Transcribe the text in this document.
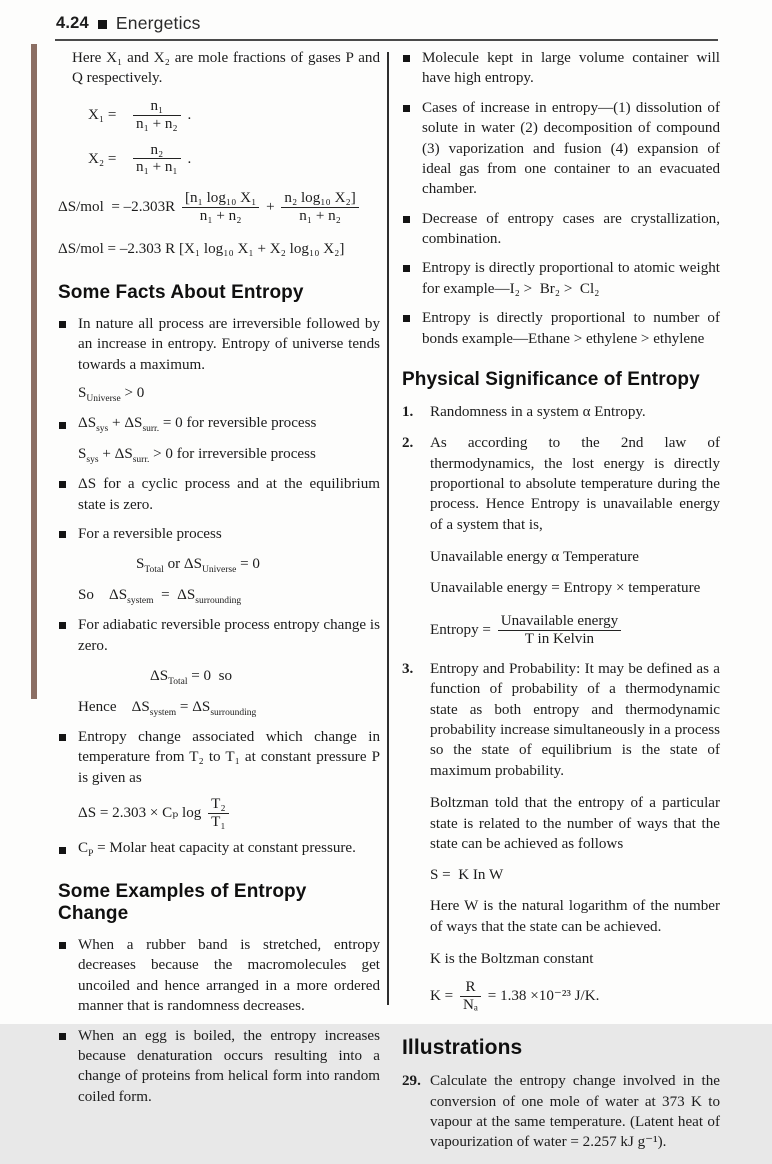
4.24 Energetics

Here X₁ and X₂ are mole fractions of gases P and Q respectively.

$X_1 = \frac{\text{n₁}}{\text{n₁ + n₂}}$ .
$X_2 = \frac{\text{n₂}}{\text{n₁ + n₁}}$ .
$\Delta S/mol = -2.303R \frac{\text{[n₁ log₁₀ X₁}}{\text{n₁ + n₂}} + \frac{\text{n₂ log₁₀ X₂]}}{\text{n₁ + n₂}}$
ΔS/mol = –2.303 R [X₁ log₁₀ X₁ + X₂ log₁₀ X₂]
Some Facts About Entropy

In nature all process are irreversible followed by an increase in entropy. Entropy of universe tends towards a maximum.

$S_{Universe} > 0$
$\Delta S_{sys} + \Delta S_{surr.} = 0$ for reversible process
$S_{sys} + \Delta S_{surr.} > 0$ for irreversible process

ΔS for a cyclic process and at the equilibrium state is zero.

For a reversible process

$S_{Total}$ or $\Delta S_{Universe} = 0$
So    $\Delta S_{system} = \Delta S_{surrounding}$

For adiabatic reversible process entropy change is zero.

$\Delta S_{Total} = 0$  so
Hence    $\Delta S_{system} = \Delta S_{surrounding}$

Entropy change associated which change in temperature from T₂ to T₁ at constant pressure P is given as

ΔS = 2.303 × Cₚ $\log \frac{\text{T₂}}{\text{T₁}}$
$C_P$ = Molar heat capacity at constant pressure.
Some Examples of Entropy Change

When a rubber band is stretched, entropy decreases because the macromolecules get uncoiled and hence arranged in a more ordered manner that is randomness decreases.

When an egg is boiled, the entropy increases because denaturation occurs resulting into a change of proteins from helical form into random coiled form.

Molecule kept in large volume container will have high entropy.

Cases of increase in entropy—(1) dissolution of solute in water (2) decomposition of compound (3) vaporization and fusion (4) expansion of ideal gas from one container to an evacuated chamber.

Decrease of entropy cases are crystallization, combination.

Entropy is directly proportional to atomic weight for example—I₂ >  Br₂ >  Cl₂

Entropy is directly proportional to number of bonds example—Ethane > ethylene > ethylene

Physical Significance of Entropy
1.	Randomness in a system α Entropy.

2.	As according to the 2nd law of thermodynamics, the lost energy is directly proportional to absolute temperature during the process. Hence Entropy is unavailable energy of a system that is,

Unavailable energy α Temperature
Unavailable energy = Entropy × temperature
Entropy = $\frac{\text{Unavailable energy}}{\text{T in Kelvin}}$
3.	Entropy and Probability: It may be defined as a function of probability of a thermodynamic state as both entropy and thermodynamic probability increase simultaneously in a process so the state of equilibrium is the state of maximum probability.

Boltzman told that the entropy of a particular state is related to the number of ways that the state can be achieved as follows

S =  K In W

Here W is the natural logarithm of the number of ways that the state can be achieved.

K is the Boltzman constant

$K = \frac{R}{\text{Nₐ}} = 1.38 \times 10^{-23}$ J/K.
Illustrations
29. Calculate the entropy change involved in the conversion of one mole of water at 373 K to vapour at the same temperature. (Latent heat of vapourization of water = 2.257 kJ g⁻¹).
